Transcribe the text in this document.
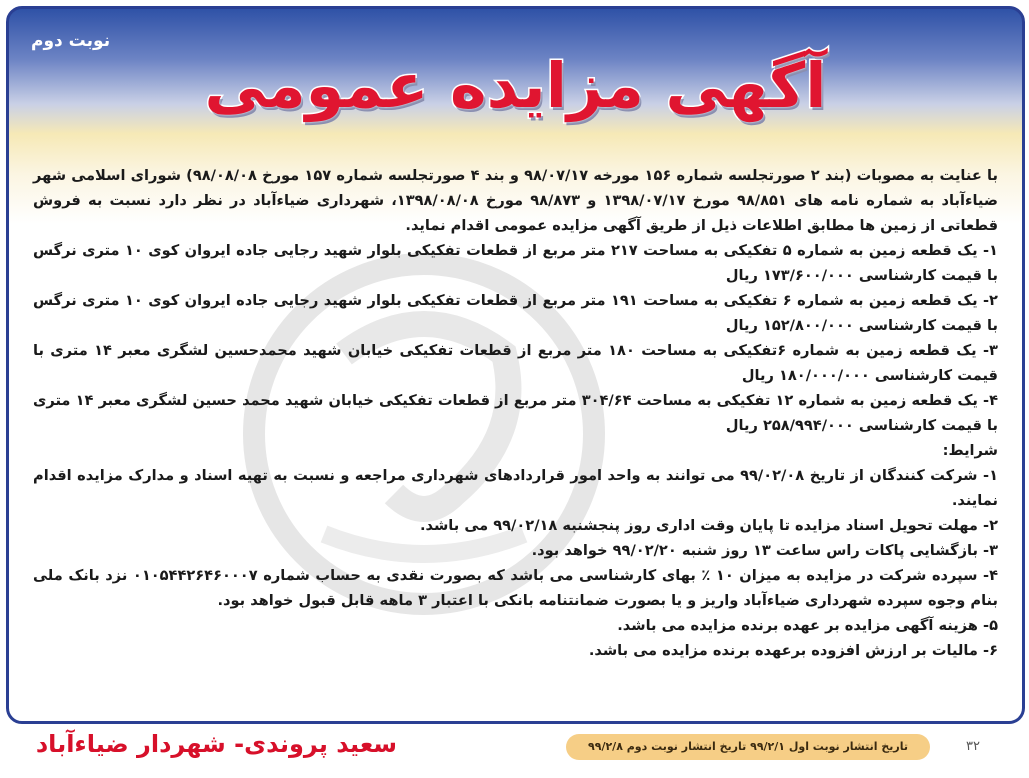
نوبت دوم
آگهی مزایده عمومی

با عنایت به مصوبات (بند ۲ صورتجلسه شماره ۱۵۶ مورخه ۹۸/۰۷/۱۷ و بند ۴ صورتجلسه شماره ۱۵۷ مورخ ۹۸/۰۸/۰۸) شورای اسلامی شهر ضیاءآباد به شماره نامه های ۹۸/۸۵۱ مورخ ۱۳۹۸/۰۷/۱۷ و ۹۸/۸۷۳ مورخ ۱۳۹۸/۰۸/۰۸، شهرداری ضیاءآباد در نظر دارد نسبت به فروش قطعاتی از زمین ها مطابق اطلاعات ذیل از طریق آگهی مزایده عمومی اقدام نماید.

۱- یک قطعه زمین به شماره ۵ تفکیکی به مساحت ۲۱۷ متر مربع از قطعات تفکیکی بلوار شهید رجایی جاده ایروان کوی ۱۰ متری نرگس با قیمت کارشناسی ۱۷۳/۶۰۰/۰۰۰ ریال

۲- یک قطعه زمین به شماره ۶ تفکیکی به مساحت ۱۹۱ متر مربع از قطعات تفکیکی بلوار شهید رجایی جاده ایروان کوی ۱۰ متری نرگس با قیمت کارشناسی ۱۵۲/۸۰۰/۰۰۰ ریال

۳- یک قطعه زمین به شماره ۶تفکیکی به مساحت ۱۸۰ متر مربع از قطعات تفکیکی خیابان شهید محمدحسین لشگری معبر ۱۴ متری با قیمت کارشناسی ۱۸۰/۰۰۰/۰۰۰ ریال

۴- یک قطعه زمین به شماره ۱۲ تفکیکی به مساحت ۳۰۴/۶۴ متر مربع از قطعات تفکیکی خیابان شهید محمد حسین لشگری معبر ۱۴ متری با قیمت کارشناسی ۲۵۸/۹۹۴/۰۰۰ ریال

شرایط:

۱- شرکت کنندگان از تاریخ ۹۹/۰۲/۰۸ می توانند به واحد امور قراردادهای شهرداری مراجعه و نسبت به تهیه اسناد و مدارک مزایده اقدام نمایند.

۲- مهلت تحویل اسناد مزایده تا پایان وقت اداری روز پنجشنبه ۹۹/۰۲/۱۸ می باشد.

۳- بازگشایی پاکات راس ساعت ۱۳ روز شنبه ۹۹/۰۲/۲۰ خواهد بود.

۴- سپرده شرکت در مزایده به میزان ۱۰ ٪ بهای کارشناسی می باشد که بصورت نقدی به حساب شماره ۰۱۰۵۴۴۲۶۴۶۰۰۰۷ نزد بانک ملی بنام وجوه سپرده شهرداری ضیاءآباد واریز و یا بصورت ضمانتنامه بانکی با اعتبار ۳ ماهه قابل قبول خواهد بود.

۵- هزینه آگهی مزایده بر عهده برنده مزایده می باشد.

۶- مالیات بر ارزش افزوده برعهده برنده مزایده می باشد.

سعید پروندی- شهردار ضیاءآباد	تاریخ انتشار نوبت اول ۹۹/۲/۱ تاریخ انتشار نوبت دوم ۹۹/۲/۸	۳۲
